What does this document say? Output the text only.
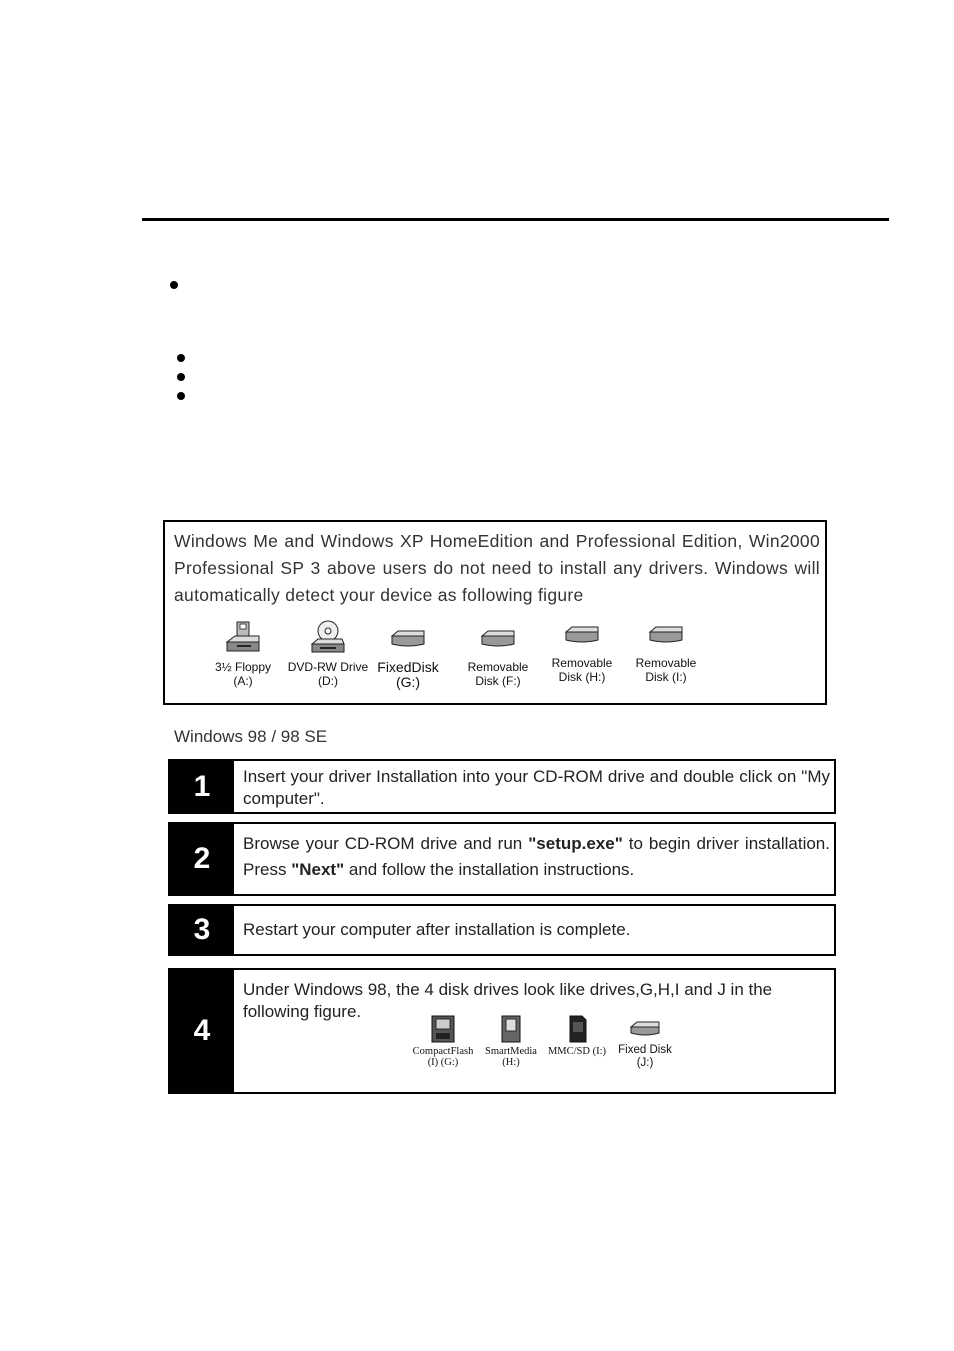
Windows Me and Windows XP HomeEdition and Professional Edition, Win2000 Professional SP 3 above users do not need to install any drivers. Windows will automatically detect your device as following figure
3½ Floppy
(A:)
DVD-RW Drive
(D:)
FixedDisk
(G:)
Removable
Disk (F:)
Removable
Disk (H:)
Removable
Disk (I:)
Windows 98 / 98 SE
1	Insert your driver Installation into your CD-ROM drive and double click on "My computer".
2	Browse your CD-ROM drive and run "setup.exe" to begin driver installation. Press "Next" and follow the installation instructions.
3	Restart your computer after installation is complete.
4
Under Windows 98, the 4 disk drives look like drives,G,H,I and J in the following figure.
CompactFlash
(I) (G:)
SmartMedia
(H:)
MMC/SD (I:)	Fixed Disk
(J:)
